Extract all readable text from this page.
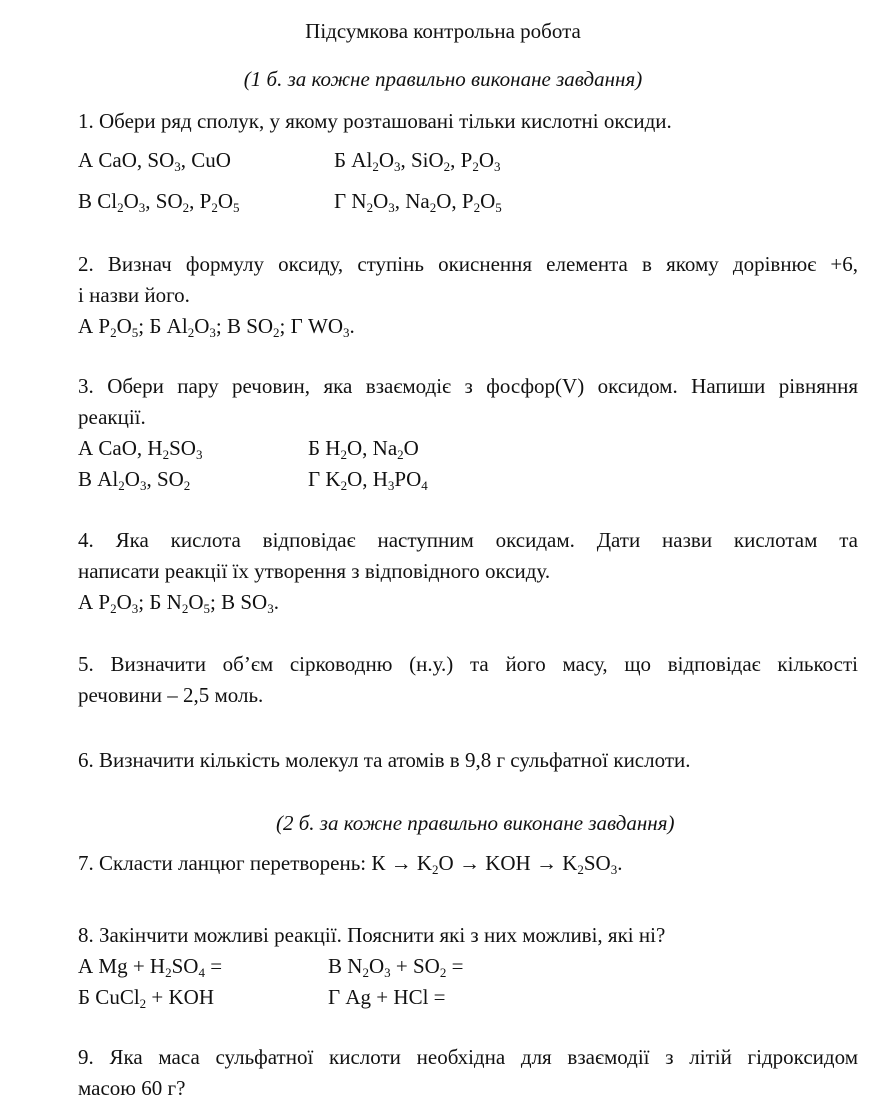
Підсумкова контрольна робота
(1 б. за кожне правильно виконане завдання)
1. Обери ряд сполук, у якому розташовані тільки кислотні оксиди.
А CaO, $SO_3$, CuO	Б $Al_2O_3$, SiO$_2$, $P_2O_3$
В $Cl_2O_3$, $SO_2$, $P_2O_5$	Г $N_2O_3$, $Na_2O$, $P_2O_5$
2. Визнач формулу оксиду, ступінь окиснення елемента в якому дорівнює +6,
і назви його.
А $P_2O_5$; Б $Al_2O_3$; В $SO_2$; Г $WO_3$.
3. Обери пару речовин, яка взаємодіє з фосфор(V) оксидом. Напиши рівняння
реакції.
А CaO, $H_2SO_3$	Б $H_2O$, $Na_2O$
В $Al_2O_3$, $SO_2$	Г $K_2O$, $H_3PO_4$
4. Яка кислота відповідає наступним оксидам. Дати назви кислотам та
написати реакції їх утворення з відповідного оксиду.
А $P_2O_3$; Б $N_2O_5$; В $SO_3$.
5. Визначити об’єм сірководню (н.у.) та його масу, що відповідає кількості
речовини – 2,5 моль.
6. Визначити кількість молекул та атомів в 9,8 г сульфатної кислоти.
(2 б. за кожне правильно виконане завдання)
7. Скласти ланцюг перетворень: $К \to K_2O$ → KOH → $K_2SO_3$.
8. Закінчити можливі реакції. Пояснити які з них можливі, які ні?
А $Mg + H_2SO_4$ =	В $N_2O_3 + SO_2$ =
Б CuCl$_2$ + KOH	Г Ag + HCl =
9. Яка маса сульфатної кислоти необхідна для взаємодії з літій гідроксидом
масою 60 г?
